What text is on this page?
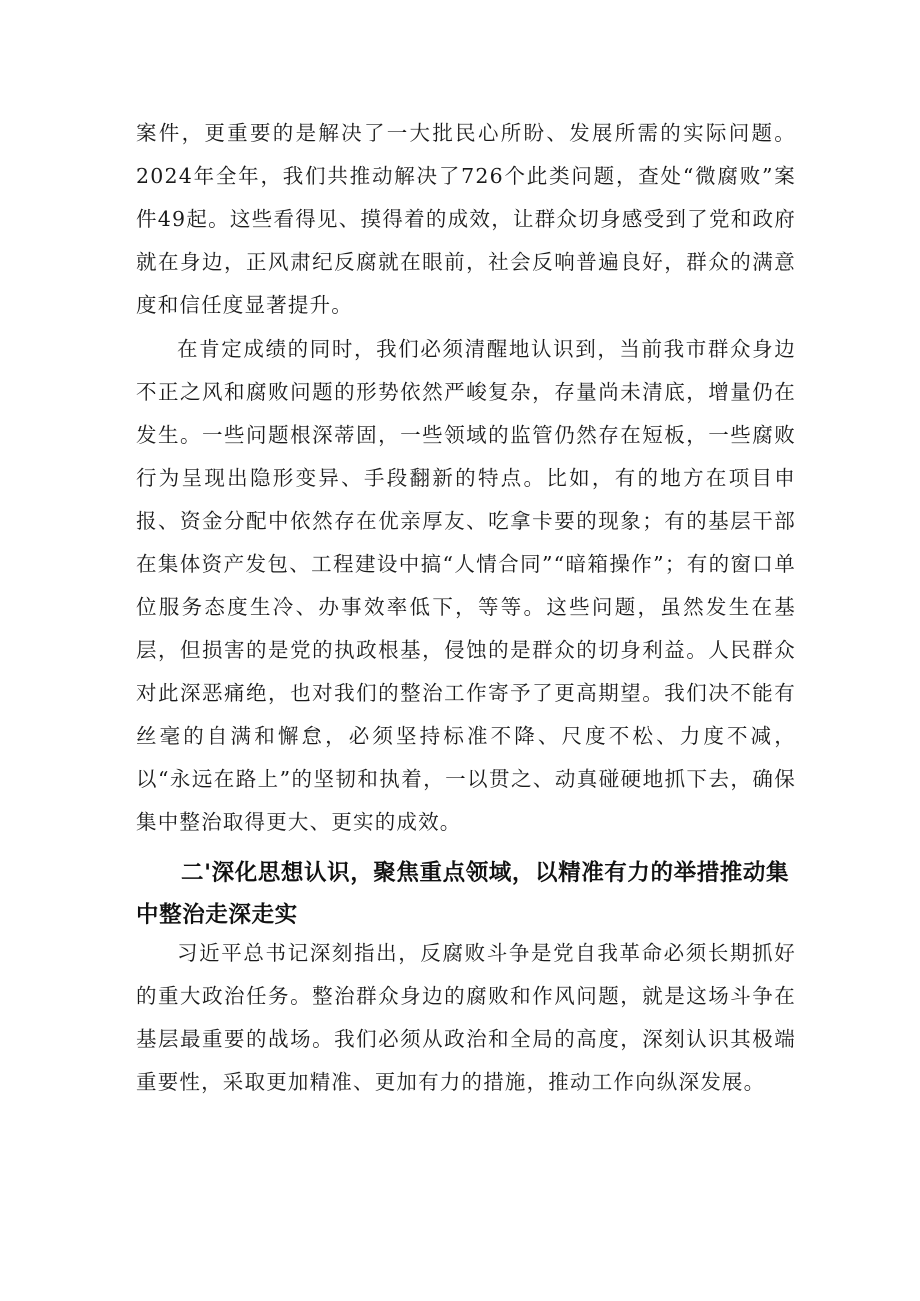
案件，更重要的是解决了一大批民心所盼、发展所需的实际问题。2024年全年，我们共推动解决了726个此类问题，查处“微腐败”案件49起。这些看得见、摸得着的成效，让群众切身感受到了党和政府就在身边，正风肃纪反腐就在眼前，社会反响普遍良好，群众的满意度和信任度显著提升。

在肯定成绩的同时，我们必须清醒地认识到，当前我市群众身边不正之风和腐败问题的形势依然严峻复杂，存量尚未清底，增量仍在发生。一些问题根深蒂固，一些领域的监管仍然存在短板，一些腐败行为呈现出隐形变异、手段翻新的特点。比如，有的地方在项目申报、资金分配中依然存在优亲厚友、吃拿卡要的现象；有的基层干部在集体资产发包、工程建设中搞“人情合同”“暗箱操作”；有的窗口单位服务态度生冷、办事效率低下，等等。这些问题，虽然发生在基层，但损害的是党的执政根基，侵蚀的是群众的切身利益。人民群众对此深恶痛绝，也对我们的整治工作寄予了更高期望。我们决不能有丝毫的自满和懈怠，必须坚持标准不降、尺度不松、力度不减，以“永远在路上”的坚韧和执着，一以贯之、动真碰硬地抓下去，确保集中整治取得更大、更实的成效。

二'深化思想认识，聚焦重点领域，以精准有力的举措推动集中整治走深走实

习近平总书记深刻指出，反腐败斗争是党自我革命必须长期抓好的重大政治任务。整治群众身边的腐败和作风问题，就是这场斗争在基层最重要的战场。我们必须从政治和全局的高度，深刻认识其极端重要性，采取更加精准、更加有力的措施，推动工作向纵深发展。
